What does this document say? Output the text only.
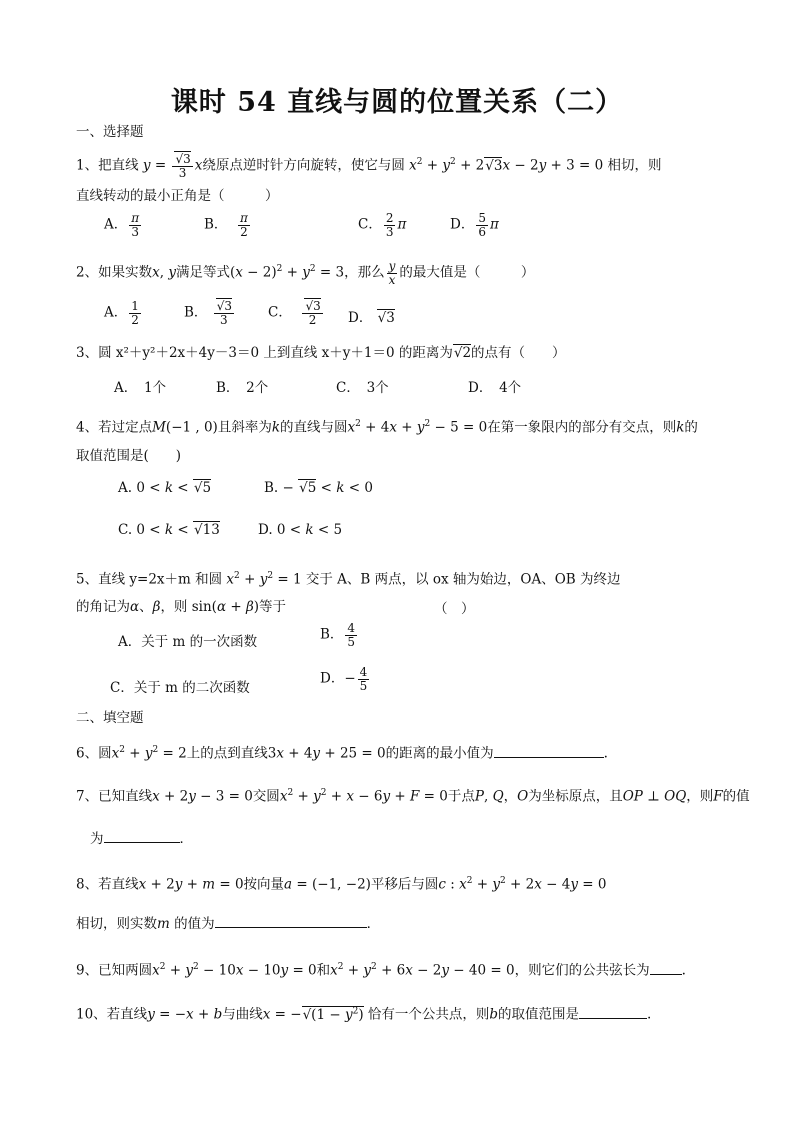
课时 54 直线与圆的位置关系（二）
一、选择题
1、把直线 $y = \frac{√3}{3}$ x绕原点逆时针方向旋转，使它与圆 $x^2 + y^2 + 2√3x - 2y + 3 = 0$ 相切，则
直线转动的最小正角是（　　　）
A． $\frac{\pi}{3}$	B． $\frac{\pi}{2}$	C． $\frac{2}{3}$ π	D． $\frac{5}{6}$ π
2、如果实数x, y满足等式$(x - 2)^2 + y^2 = 3$，那么 $\frac{y}{x}$ 的最大值是（　　　）
A． $\frac{1}{2}$	B． $\frac{√3}{3}$	C． $\frac{√3}{2}$ D． √3
3、圆 x²＋y²＋2x＋4y－3＝0 上到直线 x＋y＋1＝0 的距离为√2的点有（　　）
A．　1个	B．　2个	C．　3个	D．　4个
4、若过定点M(−1 , 0)且斜率为k的直线与圆$x^2 + 4x + y^2 - 5 = 0$在第一象限内的部分有交点，则k的
取值范围是(　　)
A. 0 < k < √5	B. − √5 < k < 0
C. 0 < k < √13	D. 0 < k < 5
5、直线 y=2x＋m 和圆 $x^2 + y^2 = 1$ 交于 A、B 两点，以 ox 轴为始边，OA、OB 为终边
的角记为α、β，则 sin(α + β)等于	（　）
A．关于 m 的一次函数	B． $\frac{4}{5}$
C．关于 m 的二次函数
D．− $\frac{4}{5}$
二、填空题
6、圆$x^2 + y^2 = 2$上的点到直线3x + 4y + 25 = 0的距离的最小值为	.
7、已知直线x + 2y − 3 = 0交圆$x^2 + y^2 + x - 6y + F = 0$于点P, Q，O为坐标原点，且OP ⊥ OQ，则F的值
为	．
8、若直线x + 2y + m = 0按向量a = (−1, −2)平移后与圆c : $x^2 + y^2 + 2x - 4y = 0$
相切，则实数m 的值为	．
9、已知两圆$x^2 + y^2 - 10x - 10y = 0$和$x^2 + y^2 + 6x - 2y - 40 = 0$，则它们的公共弦长为 .
10、若直线y = −x + b与曲线$x = -√(1 - y^2)$ 恰有一个公共点，则b的取值范围是	.
